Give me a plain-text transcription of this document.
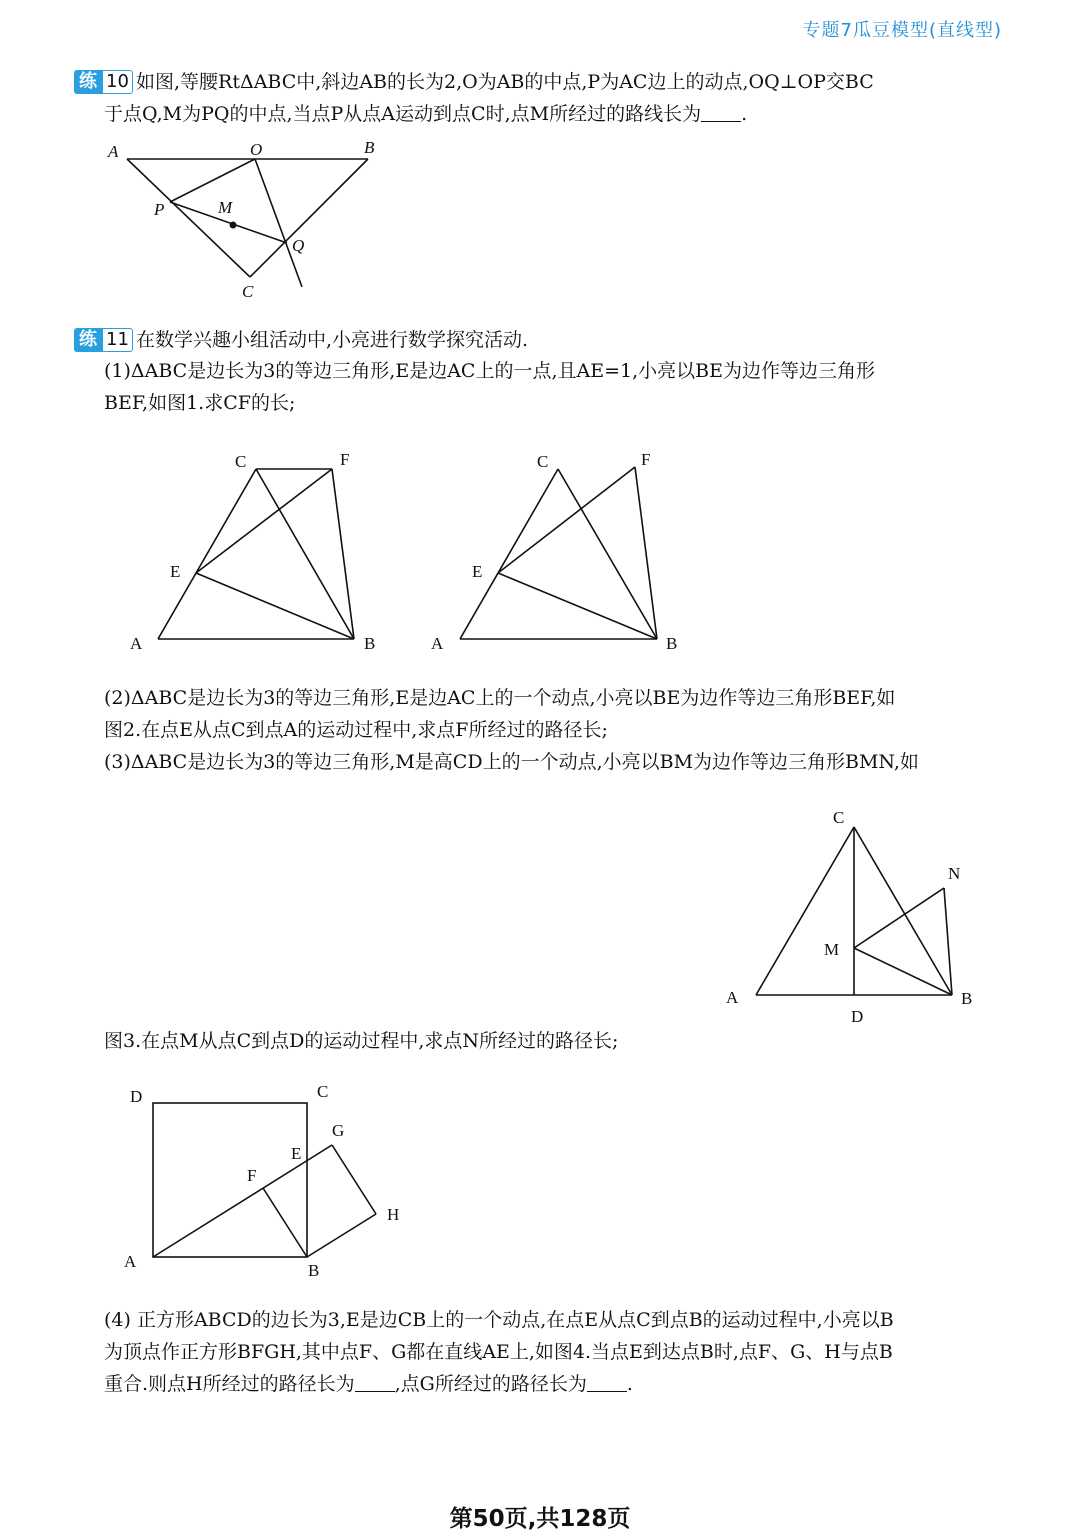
专题7瓜豆模型(直线型)
练 10 如图,等腰RtΔABC中,斜边AB的长为2,O为AB的中点,P为AC边上的动点,OQ⊥OP交BC
于点Q,M为PQ的中点,当点P从点A运动到点C时,点M所经过的路线长为 .
A	O	B
P	M
Q
C
练 11 在数学兴趣小组活动中,小亮进行数学探究活动.
(1)ΔABC是边长为3的等边三角形,E是边AC上的一点,且AE=1,小亮以BE为边作等边三角形
BEF,如图1.求CF的长;
C	F
E
A	B
C	F
E
A	B
(2)ΔABC是边长为3的等边三角形,E是边AC上的一个动点,小亮以BE为边作等边三角形BEF,如
图2.在点E从点C到点A的运动过程中,求点F所经过的路径长;
(3)ΔABC是边长为3的等边三角形,M是高CD上的一个动点,小亮以BM为边作等边三角形BMN,如
C
N
M
A	B
D
图3.在点M从点C到点D的运动过程中,求点N所经过的路径长;
D	C
G
E
F
H
A	B
(4) 正方形ABCD的边长为3,E是边CB上的一个动点,在点E从点C到点B的运动过程中,小亮以B
为顶点作正方形BFGH,其中点F、G都在直线AE上,如图4.当点E到达点B时,点F、G、H与点B
重合.则点H所经过的路径长为 ,点G所经过的路径长为 .
第50页,共128页
